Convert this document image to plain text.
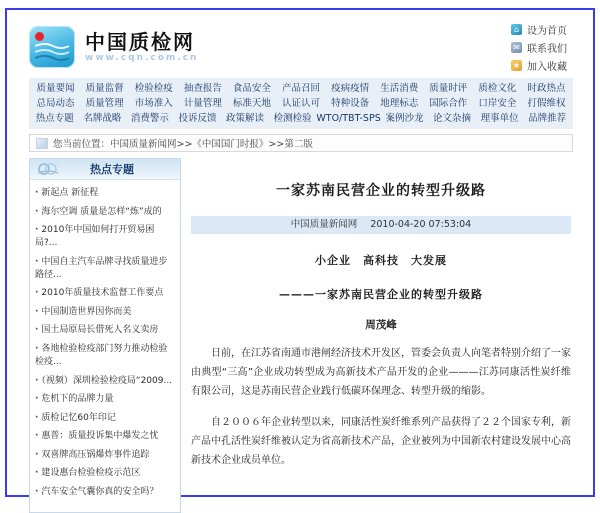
中国质检网
www.cqn.com.cn
⌂ 设为首页
✉ 联系我们
★ 加入收藏
质量要闻	质量监督	检验检疫	抽查报告	食品安全	产品召回	疫病疫情	生活消费	质量时评	质检文化	时政热点
总局动态	质量管理	市场准入	计量管理	标准天地	认证认可	特种设备	地理标志	国际合作	口岸安全	打假维权
热点专题	名牌战略	消费警示	投诉反馈	政策解读	检测检验 WTO/TBT-SPS 案例沙龙	论文杂摘	理事单位	品牌推荐
您当前位置：中国质量新闻网>>《中国国门时报》>>第二版
热点专题
· 新起点 新征程
· 海尔空调 质量是怎样“炼”成的
· 2010年中国如何打开贸易困局?...
· 中国自主汽车品牌寻找质量进步路径...
· 2010年质量技术监督工作要点
· 中国制造世界因你而美
· 国土局原局长借死人名义卖房
· 各地检验检疫部门努力推动检验检疫...
· （视频）深圳检验检疫局“2009...
· 危机下的品牌力量
· 质检记忆60年印记
· 惠普：质量投诉集中爆发之忧
· 双喜牌高压锅爆炸事件追踪
· 建设惠台检验检疫示范区
· 汽车安全气囊你真的安全吗？
一家苏南民营企业的转型升级路
中国质量新闻网 2010-04-20 07:53:04
小企业　高科技　大发展
———一家苏南民营企业的转型升级路
周茂峰

日前，在江苏省南通市港闸经济技术开发区，管委会负责人向笔者特别介绍了一家由典型“三高”企业成功转型成为高新技术产品开发的企业———江苏同康活性炭纤维有限公司，这是苏南民营企业践行低碳环保理念、转型升级的缩影。

自２００６年企业转型以来，同康活性炭纤维系列产品获得了２２个国家专利，新产品中孔活性炭纤维被认定为省高新技术产品，企业被列为中国新农村建设发展中心高新技术企业成员单位。
